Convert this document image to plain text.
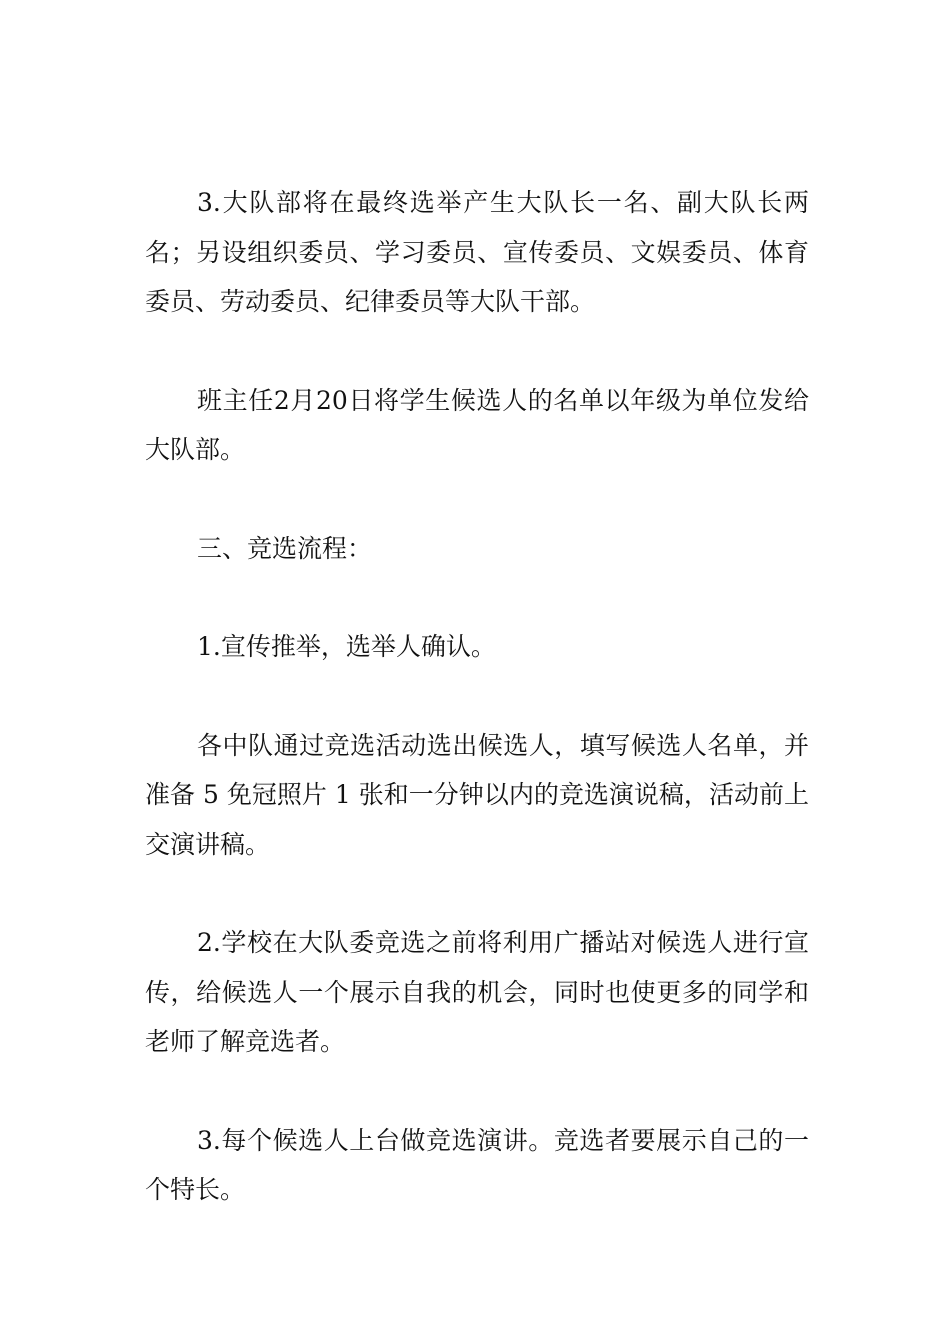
3.大队部将在最终选举产生大队长一名、副大队长两名；另设组织委员、学习委员、宣传委员、文娱委员、体育委员、劳动委员、纪律委员等大队干部。

班主任2月20日将学生候选人的名单以年级为单位发给大队部。

三、竞选流程：

1.宣传推举，选举人确认。

各中队通过竞选活动选出候选人，填写候选人名单，并准备 5 免冠照片 1 张和一分钟以内的竞选演说稿，活动前上交演讲稿。

2.学校在大队委竞选之前将利用广播站对候选人进行宣传，给候选人一个展示自我的机会，同时也使更多的同学和老师了解竞选者。

3.每个候选人上台做竞选演讲。竞选者要展示自己的一个特长。
